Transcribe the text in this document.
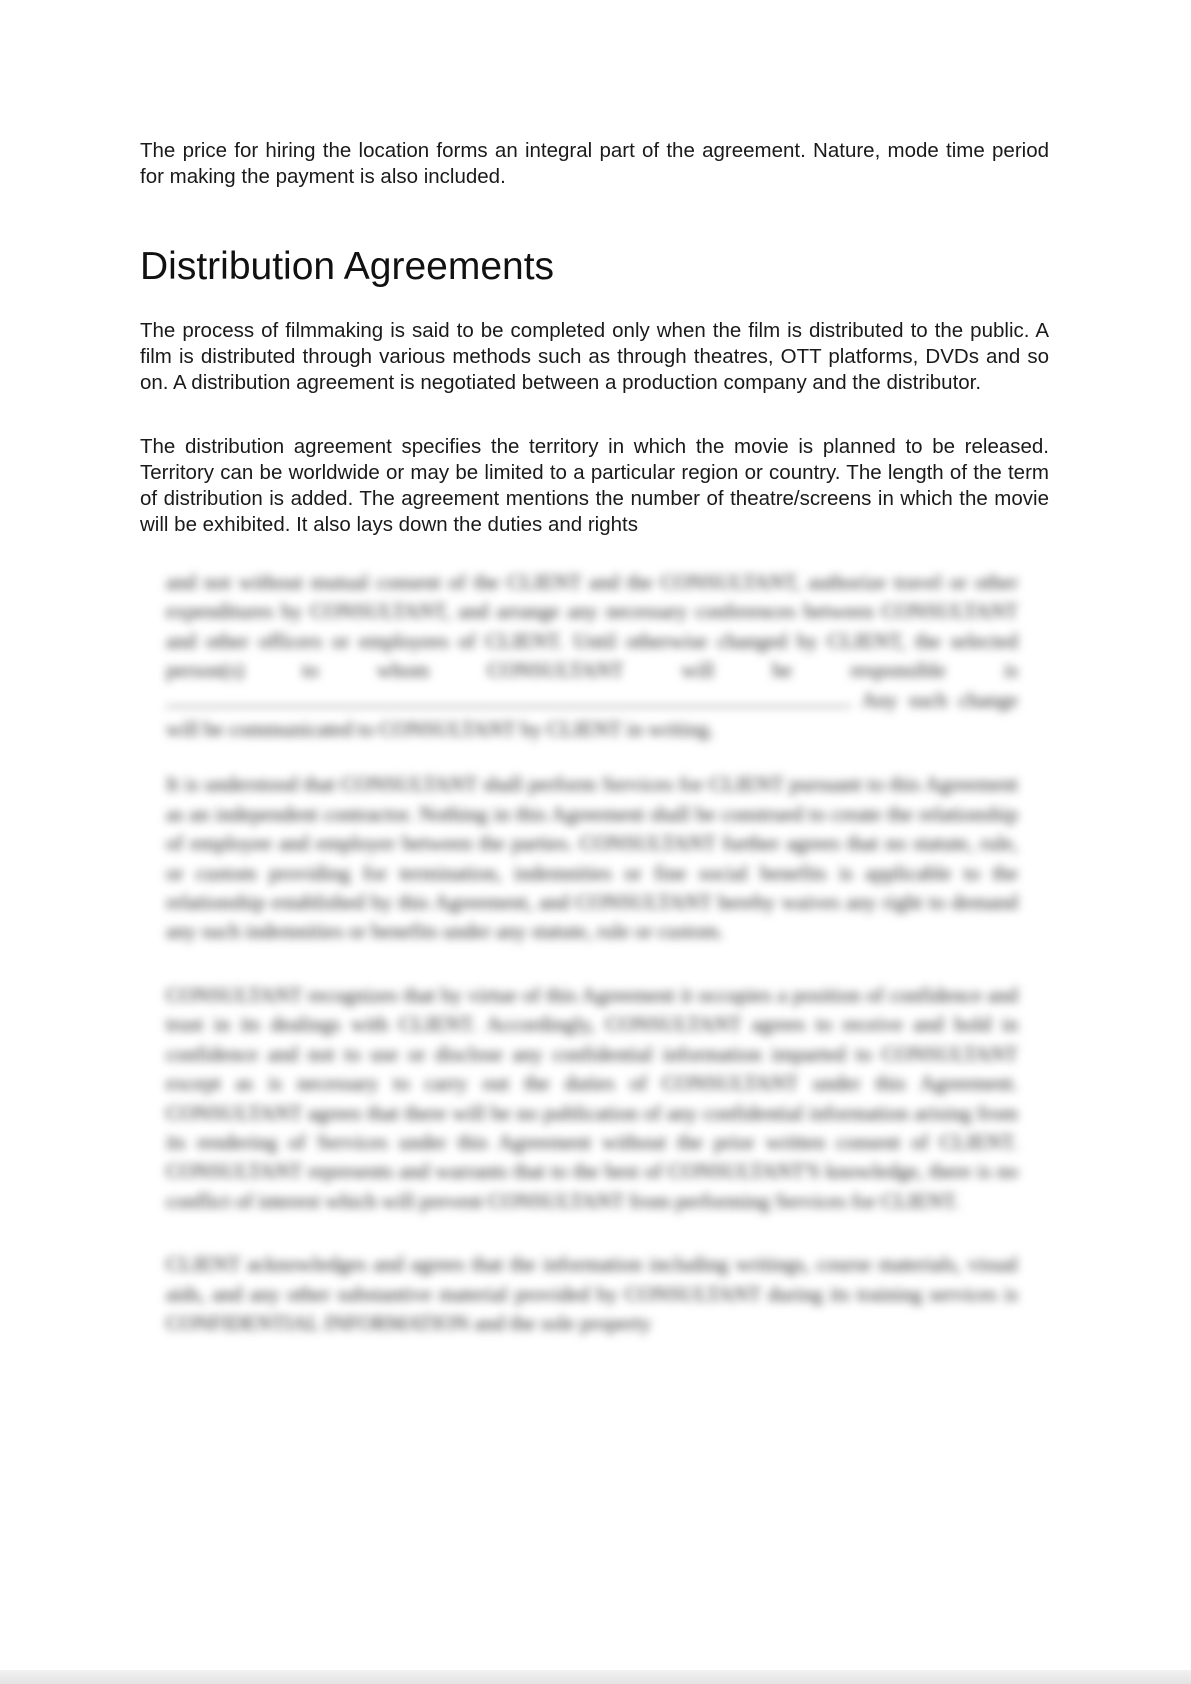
The price for hiring the location forms an integral part of the agreement. Nature, mode time period for making the payment is also included.

Distribution Agreements

The process of filmmaking is said to be completed only when the film is distributed to the public. A film is distributed through various methods such as through theatres, OTT platforms, DVDs and so on. A distribution agreement is negotiated between a production company and the distributor.

The distribution agreement specifies the territory in which the movie is planned to be released. Territory can be worldwide or may be limited to a particular region or country. The length of the term of distribution is added. The agreement mentions the number of theatre/screens in which the movie will be exhibited. It also lays down the duties and rights

and not without mutual consent of the CLIENT and the CONSULTANT, authorize travel or other expenditures by CONSULTANT, and arrange any necessary conferences between CONSULTANT and other officers or employees of CLIENT. Until otherwise changed by CLIENT, the selected person(s) to whom CONSULTANT will be responsible is . Any such change will be communicated to CONSULTANT by CLIENT in writing.

It is understood that CONSULTANT shall perform Services for CLIENT pursuant to this Agreement as an independent contractor. Nothing in this Agreement shall be construed to create the relationship of employee and employer between the parties. CONSULTANT further agrees that no statute, rule, or custom providing for termination, indemnities or fine social benefits is applicable to the relationship established by this Agreement, and CONSULTANT hereby waives any right to demand any such indemnities or benefits under any statute, rule or custom.

CONSULTANT recognizes that by virtue of this Agreement it occupies a position of confidence and trust in its dealings with CLIENT. Accordingly, CONSULTANT agrees to receive and hold in confidence and not to use or disclose any confidential information imparted to CONSULTANT except as is necessary to carry out the duties of CONSULTANT under this Agreement. CONSULTANT agrees that there will be no publication of any confidential information arising from its rendering of Services under this Agreement without the prior written consent of CLIENT. CONSULTANT represents and warrants that to the best of CONSULTANT'S knowledge, there is no conflict of interest which will prevent CONSULTANT from performing Services for CLIENT.

CLIENT acknowledges and agrees that the information including writings, course materials, visual aids, and any other substantive material provided by CONSULTANT during its training services is CONFIDENTIAL INFORMATION and the sole property
